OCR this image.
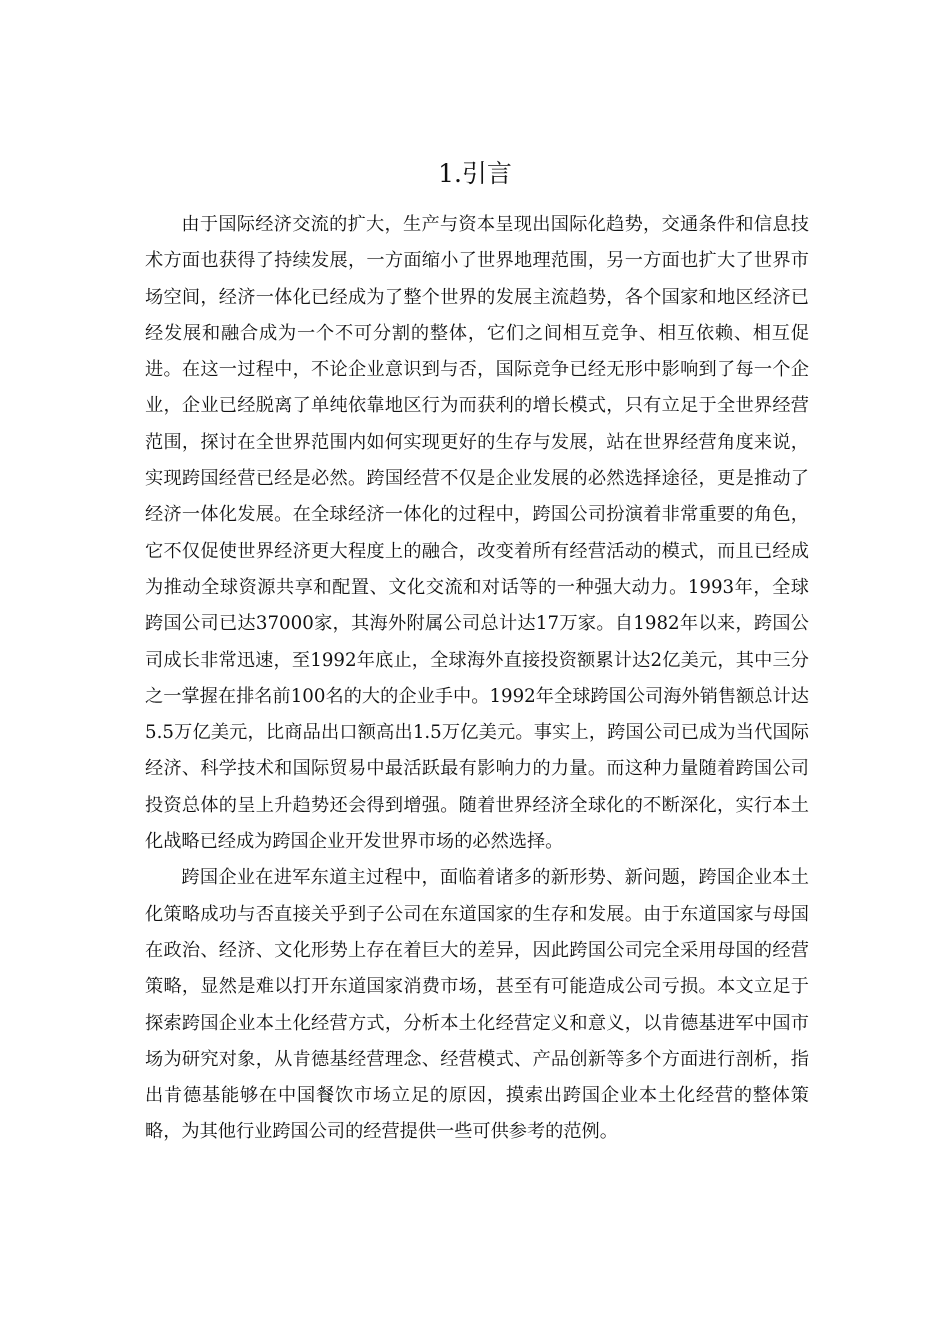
1.引言

由于国际经济交流的扩大，生产与资本呈现出国际化趋势，交通条件和信息技术方面也获得了持续发展，一方面缩小了世界地理范围，另一方面也扩大了世界市场空间，经济一体化已经成为了整个世界的发展主流趋势，各个国家和地区经济已经发展和融合成为一个不可分割的整体，它们之间相互竞争、相互依赖、相互促进。在这一过程中，不论企业意识到与否，国际竞争已经无形中影响到了每一个企业，企业已经脱离了单纯依靠地区行为而获利的增长模式，只有立足于全世界经营范围，探讨在全世界范围内如何实现更好的生存与发展，站在世界经营角度来说，实现跨国经营已经是必然。跨国经营不仅是企业发展的必然选择途径，更是推动了经济一体化发展。在全球经济一体化的过程中，跨国公司扮演着非常重要的角色，它不仅促使世界经济更大程度上的融合，改变着所有经营活动的模式，而且已经成为推动全球资源共享和配置、文化交流和对话等的一种强大动力。1993年，全球跨国公司已达37000家，其海外附属公司总计达17万家。自1982年以来，跨国公司成长非常迅速，至1992年底止，全球海外直接投资额累计达2亿美元，其中三分之一掌握在排名前100名的大的企业手中。1992年全球跨国公司海外销售额总计达5.5万亿美元，比商品出口额高出1.5万亿美元。事实上，跨国公司已成为当代国际经济、科学技术和国际贸易中最活跃最有影响力的力量。而这种力量随着跨国公司投资总体的呈上升趋势还会得到增强。随着世界经济全球化的不断深化，实行本土化战略已经成为跨国企业开发世界市场的必然选择。

跨国企业在进军东道主过程中，面临着诸多的新形势、新问题，跨国企业本土化策略成功与否直接关乎到子公司在东道国家的生存和发展。由于东道国家与母国在政治、经济、文化形势上存在着巨大的差异，因此跨国公司完全采用母国的经营策略，显然是难以打开东道国家消费市场，甚至有可能造成公司亏损。本文立足于探索跨国企业本土化经营方式，分析本土化经营定义和意义，以肯德基进军中国市场为研究对象，从肯德基经营理念、经营模式、产品创新等多个方面进行剖析，指出肯德基能够在中国餐饮市场立足的原因，摸索出跨国企业本土化经营的整体策略，为其他行业跨国公司的经营提供一些可供参考的范例。
